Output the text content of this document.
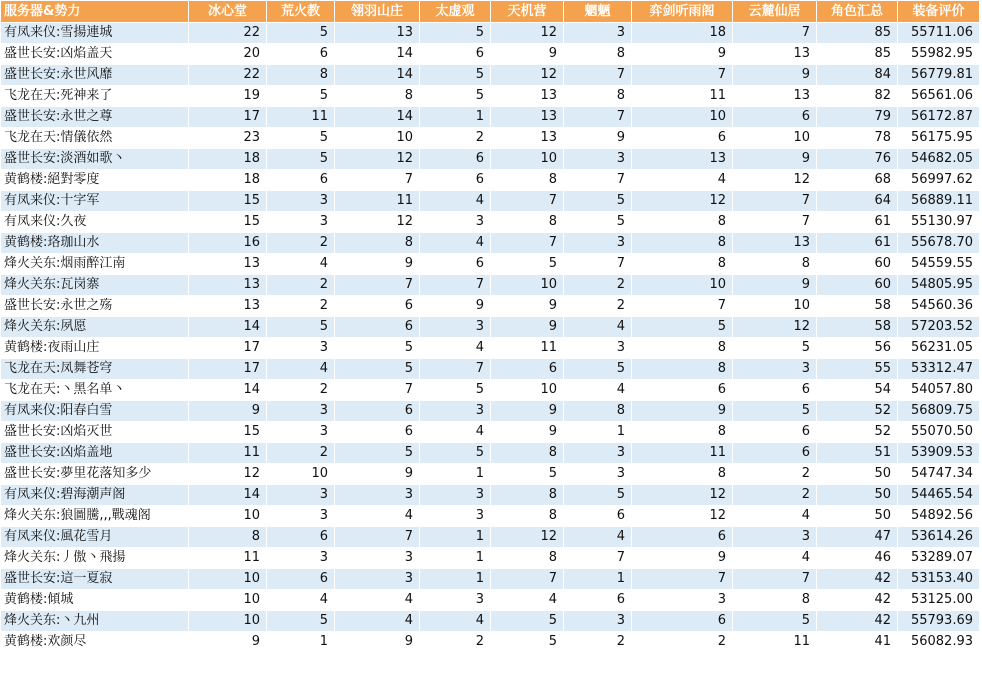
服务器&势力	冰心堂	荒火教	翎羽山庄	太虚观	天机营	魍魉	弈剑听雨阁	云麓仙居	角色汇总	装备评价
有凤来仪:雪揚連城	22	5	13	5	12	3	18	7	85	55711.06
盛世长安:凶焰盖天	20	6	14	6	9	8	9	13	85	55982.95
盛世长安:永世风靡	22	8	14	5	12	7	7	9	84	56779.81
飞龙在天:死神来了	19	5	8	5	13	8	11	13	82	56561.06
盛世长安:永世之尊	17	11	14	1	13	7	10	6	79	56172.87
飞龙在天:情儀依然	23	5	10	2	13	9	6	10	78	56175.95
盛世长安:淡酒如歌丶	18	5	12	6	10	3	13	9	76	54682.05
黄鹤楼:絕對零度	18	6	7	6	8	7	4	12	68	56997.62
有凤来仪:十字军	15	3	11	4	7	5	12	7	64	56889.11
有凤来仪:久夜	15	3	12	3	8	5	8	7	61	55130.97
黄鹤楼:珞珈山水	16	2	8	4	7	3	8	13	61	55678.70
烽火关东:烟雨醉江南	13	4	9	6	5	7	8	8	60	54559.55
烽火关东:瓦岗寨	13	2	7	7	10	2	10	9	60	54805.95
盛世长安:永世之殇	13	2	6	9	9	2	7	10	58	54560.36
烽火关东:夙愿	14	5	6	3	9	4	5	12	58	57203.52
黄鹤楼:夜雨山庄	17	3	5	4	11	3	8	5	56	56231.05
飞龙在天:凤舞苍穹	17	4	5	7	6	5	8	3	55	53312.47
飞龙在天:丶黑名单丶	14	2	7	5	10	4	6	6	54	54057.80
有凤来仪:阳春白雪	9	3	6	3	9	8	9	5	52	56809.75
盛世长安:凶焰灭世	15	3	6	4	9	1	8	6	52	55070.50
盛世长安:凶焰盖地	11	2	5	5	8	3	11	6	51	53909.53
盛世长安:夢里花落知多少	12	10	9	1	5	3	8	2	50	54747.34
有凤来仪:碧海潮声阁	14	3	3	3	8	5	12	2	50	54465.54
烽火关东:狼圖騰,,,戰魂阁	10	3	4	3	8	6	12	4	50	54892.56
有凤来仪:風花雪月	8	6	7	1	12	4	6	3	47	53614.26
烽火关东:丿傲丶飛揚	11	3	3	1	8	7	9	4	46	53289.07
盛世长安:這一夏寂	10	6	3	1	7	1	7	7	42	53153.40
黄鹤楼:傾城	10	4	4	3	4	6	3	8	42	53125.00
烽火关东:丶九州	10	5	4	4	5	3	6	5	42	55793.69
黄鹤楼:欢颜尽	9	1	9	2	5	2	2	11	41	56082.93
